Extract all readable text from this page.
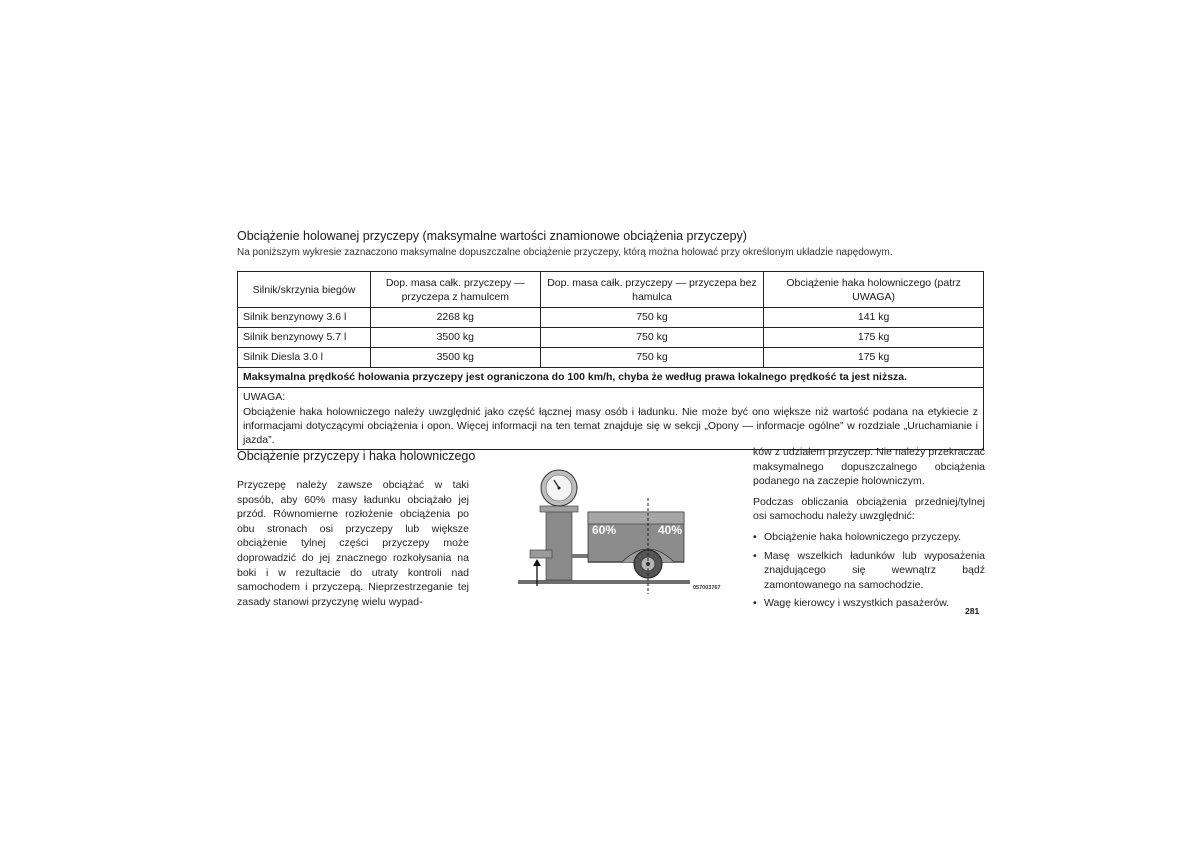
Obciążenie holowanej przyczepy (maksymalne wartości znamionowe obciążenia przyczepy)
Na poniższym wykresie zaznaczono maksymalne dopuszczalne obciążenie przyczepy, którą można holować przy określonym układzie napędowym.
Silnik/skrzynia biegów	Dop. masa całk. przyczepy — przyczepa z hamulcem	Dop. masa całk. przyczepy — przyczepa bez hamulca	Obciążenie haka holowniczego (patrz UWAGA)
Silnik benzynowy 3.6 l	2268 kg	750 kg	141 kg
Silnik benzynowy 5.7 l	3500 kg	750 kg	175 kg
Silnik Diesla 3.0 l	3500 kg	750 kg	175 kg
Maksymalna prędkość holowania przyczepy jest ograniczona do 100 km/h, chyba że według prawa lokalnego prędkość ta jest niższa.			

UWAGA:
Obciążenie haka holowniczego należy uwzględnić jako część łącznej masy osób i ładunku. Nie może być ono większe niż wartość podana na etykiecie z informacjami dotyczącymi obciążenia i opon. Więcej informacji na ten temat znajduje się w sekcji „Opony — informacje ogólne” w rozdziale „Uruchamianie i jazda”.			
Obciążenie przyczepy i haka holowniczego
Przyczepę należy zawsze obciążać w taki sposób, aby 60% masy ładunku obciążało jej przód. Równomierne rozłożenie obciążenia po obu stronach osi przyczepy lub większe obciążenie tylnej części przyczepy może doprowadzić do jej znacznego rozkołysania na boki i w rezultacie do utraty kontroli nad samochodem i przyczepą. Nieprzestrzeganie tej zasady stanowi przyczynę wielu wypad-
60%	40%
057003767

ków z udziałem przyczep. Nie należy przekraczać maksymalnego dopuszczalnego obciążenia podanego na zaczepie holowniczym.

Podczas obliczania obciążenia przedniej/tylnej osi samochodu należy uwzględnić:

• Obciążenie haka holowniczego przyczepy.
• Masę wszelkich ładunków lub wyposażenia znajdującego się wewnątrz bądź zamontowanego na samochodzie.
• Wagę kierowcy i wszystkich pasażerów.
281
